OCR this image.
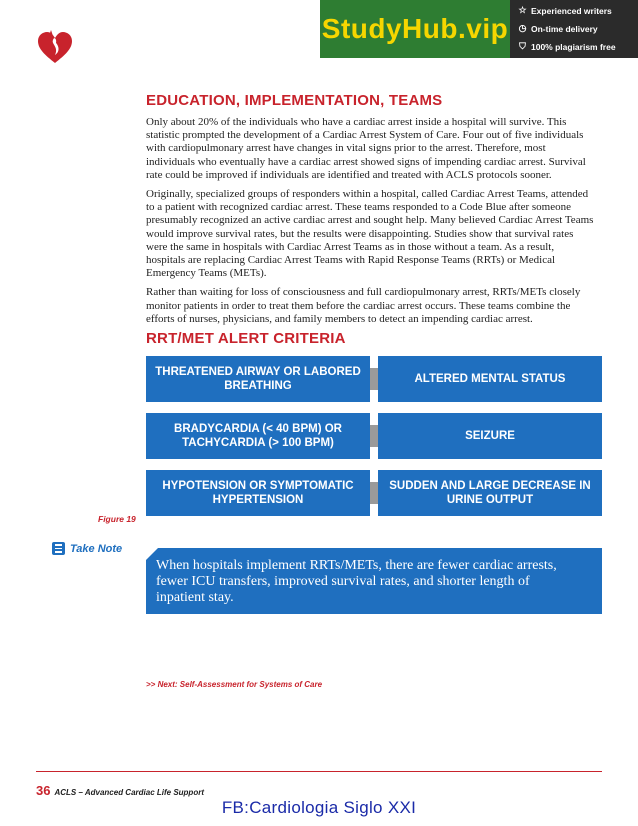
StudyHub.vip
☆ Experienced writers
◷ On-time delivery
⛉ 100% plagiarism free
EDUCATION, IMPLEMENTATION, TEAMS

Only about 20% of the individuals who have a cardiac arrest inside a hospital will survive. This statistic prompted the development of a Cardiac Arrest System of Care. Four out of five individuals with cardiopulmonary arrest have changes in vital signs prior to the arrest. Therefore, most individuals who eventually have a cardiac arrest showed signs of impending cardiac arrest. Survival rate could be improved if individuals are identified and treated with ACLS protocols sooner.

Originally, specialized groups of responders within a hospital, called Cardiac Arrest Teams, attended to a patient with recognized cardiac arrest. These teams responded to a Code Blue after someone presumably recognized an active cardiac arrest and sought help. Many believed Cardiac Arrest Teams would improve survival rates, but the results were disappointing. Studies show that survival rates were the same in hospitals with Cardiac Arrest Teams as in those without a team. As a result, hospitals are replacing Cardiac Arrest Teams with Rapid Response Teams (RRTs) or Medical Emergency Teams (METs).

Rather than waiting for loss of consciousness and full cardiopulmonary arrest, RRTs/METs closely monitor patients in order to treat them before the cardiac arrest occurs. These teams combine the efforts of nurses, physicians, and family members to detect an impending cardiac arrest.

RRT/MET ALERT CRITERIA
THREATENED AIRWAY OR LABORED BREATHING
ALTERED MENTAL STATUS
BRADYCARDIA (< 40 BPM) OR TACHYCARDIA (> 100 BPM)
SEIZURE
HYPOTENSION OR SYMPTOMATIC HYPERTENSION
SUDDEN AND LARGE DECREASE IN URINE OUTPUT
Figure 19
Take Note
When hospitals implement RRTs/METs, there are fewer cardiac arrests, fewer ICU transfers, improved survival rates, and shorter length of inpatient stay.
>> Next: Self-Assessment for Systems of Care
36 ACLS – Advanced Cardiac Life Support
FB:Cardiologia Siglo XXI
